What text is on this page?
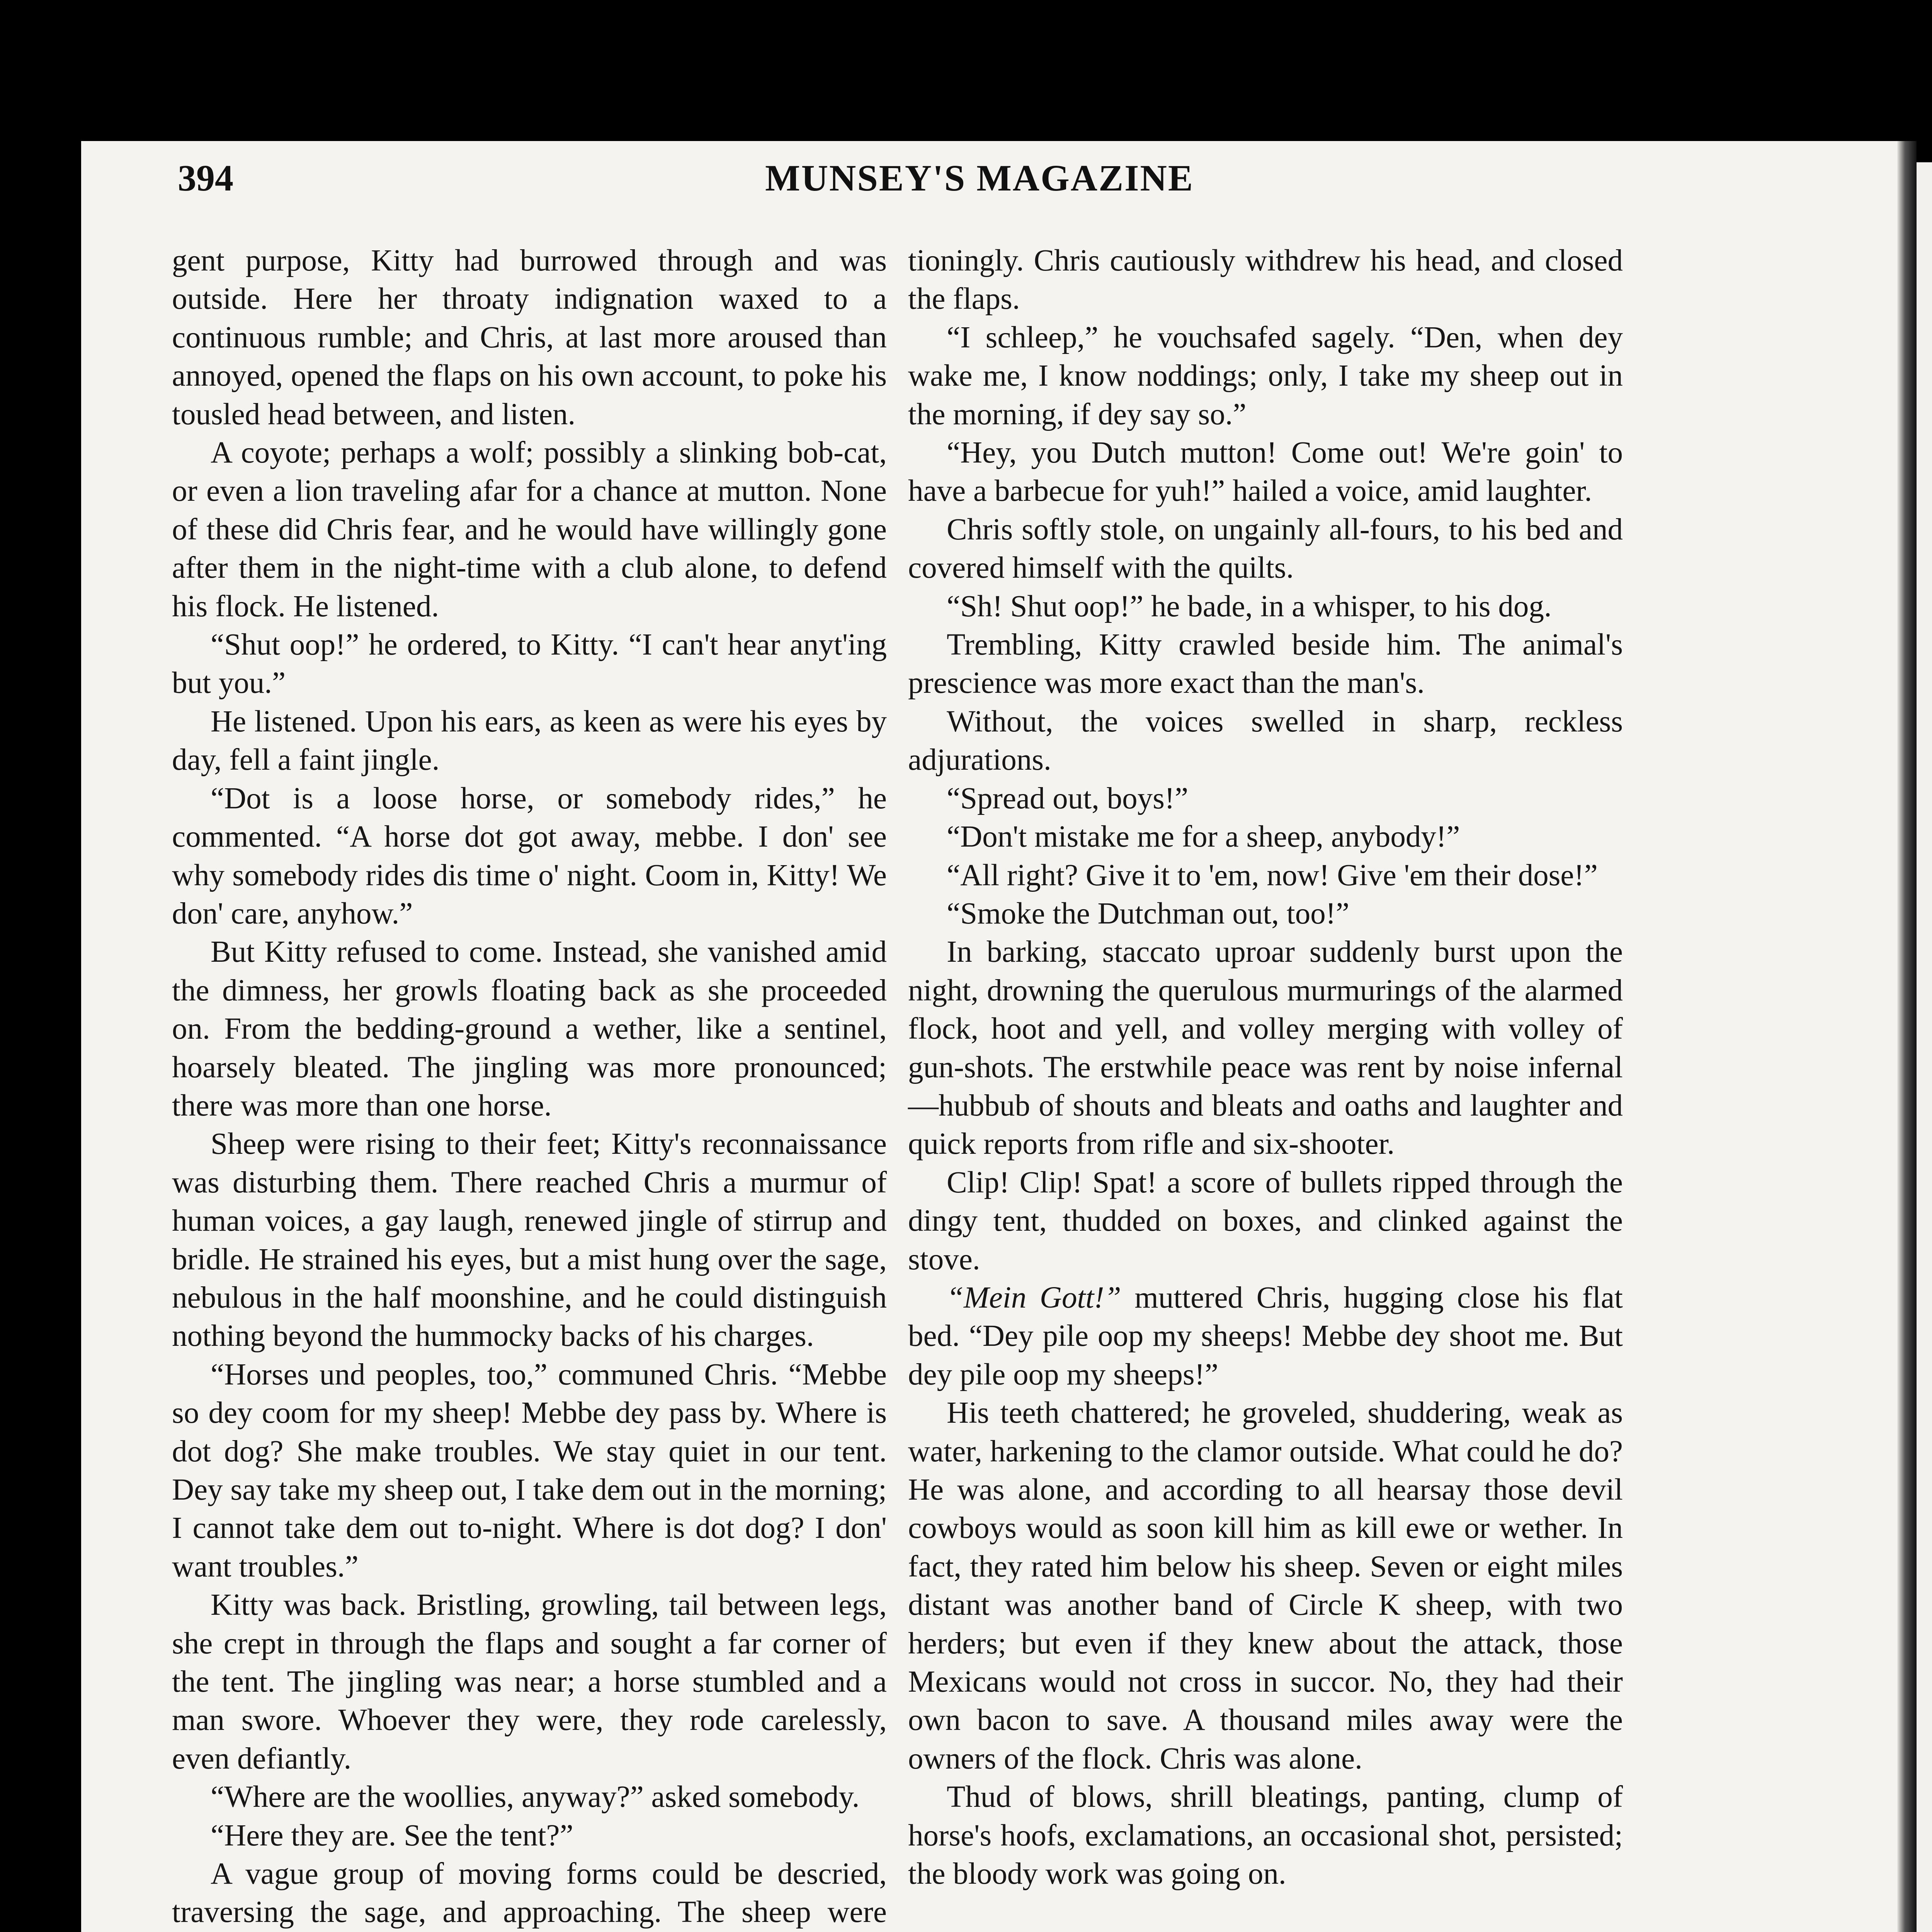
394	MUNSEY'S MAGAZINE

gent purpose, Kitty had burrowed through and was outside. Here her throaty indignation waxed to a continuous rumble; and Chris, at last more aroused than annoyed, opened the flaps on his own account, to poke his tousled head between, and listen.

A coyote; perhaps a wolf; possibly a slinking bob-cat, or even a lion traveling afar for a chance at mutton. None of these did Chris fear, and he would have willingly gone after them in the night-time with a club alone, to defend his flock. He listened.

“Shut oop!” he ordered, to Kitty. “I can't hear anyt'ing but you.”

He listened. Upon his ears, as keen as were his eyes by day, fell a faint jingle.

“Dot is a loose horse, or somebody rides,” he commented. “A horse dot got away, mebbe. I don' see why somebody rides dis time o' night. Coom in, Kitty! We don' care, anyhow.”

But Kitty refused to come. Instead, she vanished amid the dimness, her growls floating back as she proceeded on. From the bedding-ground a wether, like a sentinel, hoarsely bleated. The jingling was more pronounced; there was more than one horse.

Sheep were rising to their feet; Kitty's reconnaissance was disturbing them. There reached Chris a murmur of human voices, a gay laugh, renewed jingle of stirrup and bridle. He strained his eyes, but a mist hung over the sage, nebulous in the half moonshine, and he could distinguish nothing beyond the hummocky backs of his charges.

“Horses und peoples, too,” communed Chris. “Mebbe so dey coom for my sheep! Mebbe dey pass by. Where is dot dog? She make troubles. We stay quiet in our tent. Dey say take my sheep out, I take dem out in the morning; I cannot take dem out to-night. Where is dot dog? I don' want troubles.”

Kitty was back. Bristling, growling, tail between legs, she crept in through the flaps and sought a far corner of the tent. The jingling was near; a horse stumbled and a man swore. Whoever they were, they rode carelessly, even defiantly.

“Where are the woollies, anyway?” asked somebody.

“Here they are. See the tent?”

A vague group of moving forms could be descried, traversing the sage, and approaching. The sheep were

tioningly. Chris cautiously withdrew his head, and closed the flaps.

“I schleep,” he vouchsafed sagely. “Den, when dey wake me, I know noddings; only, I take my sheep out in the morning, if dey say so.”

“Hey, you Dutch mutton! Come out! We're goin' to have a barbecue for yuh!” hailed a voice, amid laughter.

Chris softly stole, on ungainly all-fours, to his bed and covered himself with the quilts.

“Sh! Shut oop!” he bade, in a whisper, to his dog.

Trembling, Kitty crawled beside him. The animal's prescience was more exact than the man's.

Without, the voices swelled in sharp, reckless adjurations.

“Spread out, boys!”

“Don't mistake me for a sheep, anybody!”

“All right? Give it to 'em, now! Give 'em their dose!”

“Smoke the Dutchman out, too!”

In barking, staccato uproar suddenly burst upon the night, drowning the querulous murmurings of the alarmed flock, hoot and yell, and volley merging with volley of gun-shots. The erstwhile peace was rent by noise infernal—hubbub of shouts and bleats and oaths and laughter and quick reports from rifle and six-shooter.

Clip! Clip! Spat! a score of bullets ripped through the dingy tent, thudded on boxes, and clinked against the stove.

“Mein Gott!” muttered Chris, hugging close his flat bed. “Dey pile oop my sheeps! Mebbe dey shoot me. But dey pile oop my sheeps!”

His teeth chattered; he groveled, shuddering, weak as water, harkening to the clamor outside. What could he do? He was alone, and according to all hearsay those devil cowboys would as soon kill him as kill ewe or wether. In fact, they rated him below his sheep. Seven or eight miles distant was another band of Circle K sheep, with two herders; but even if they knew about the attack, those Mexicans would not cross in succor. No, they had their own bacon to save. A thousand miles away were the owners of the flock. Chris was alone.

Thud of blows, shrill bleatings, panting, clump of horse's hoofs, exclamations, an occasional shot, persisted; the bloody work was going on.
